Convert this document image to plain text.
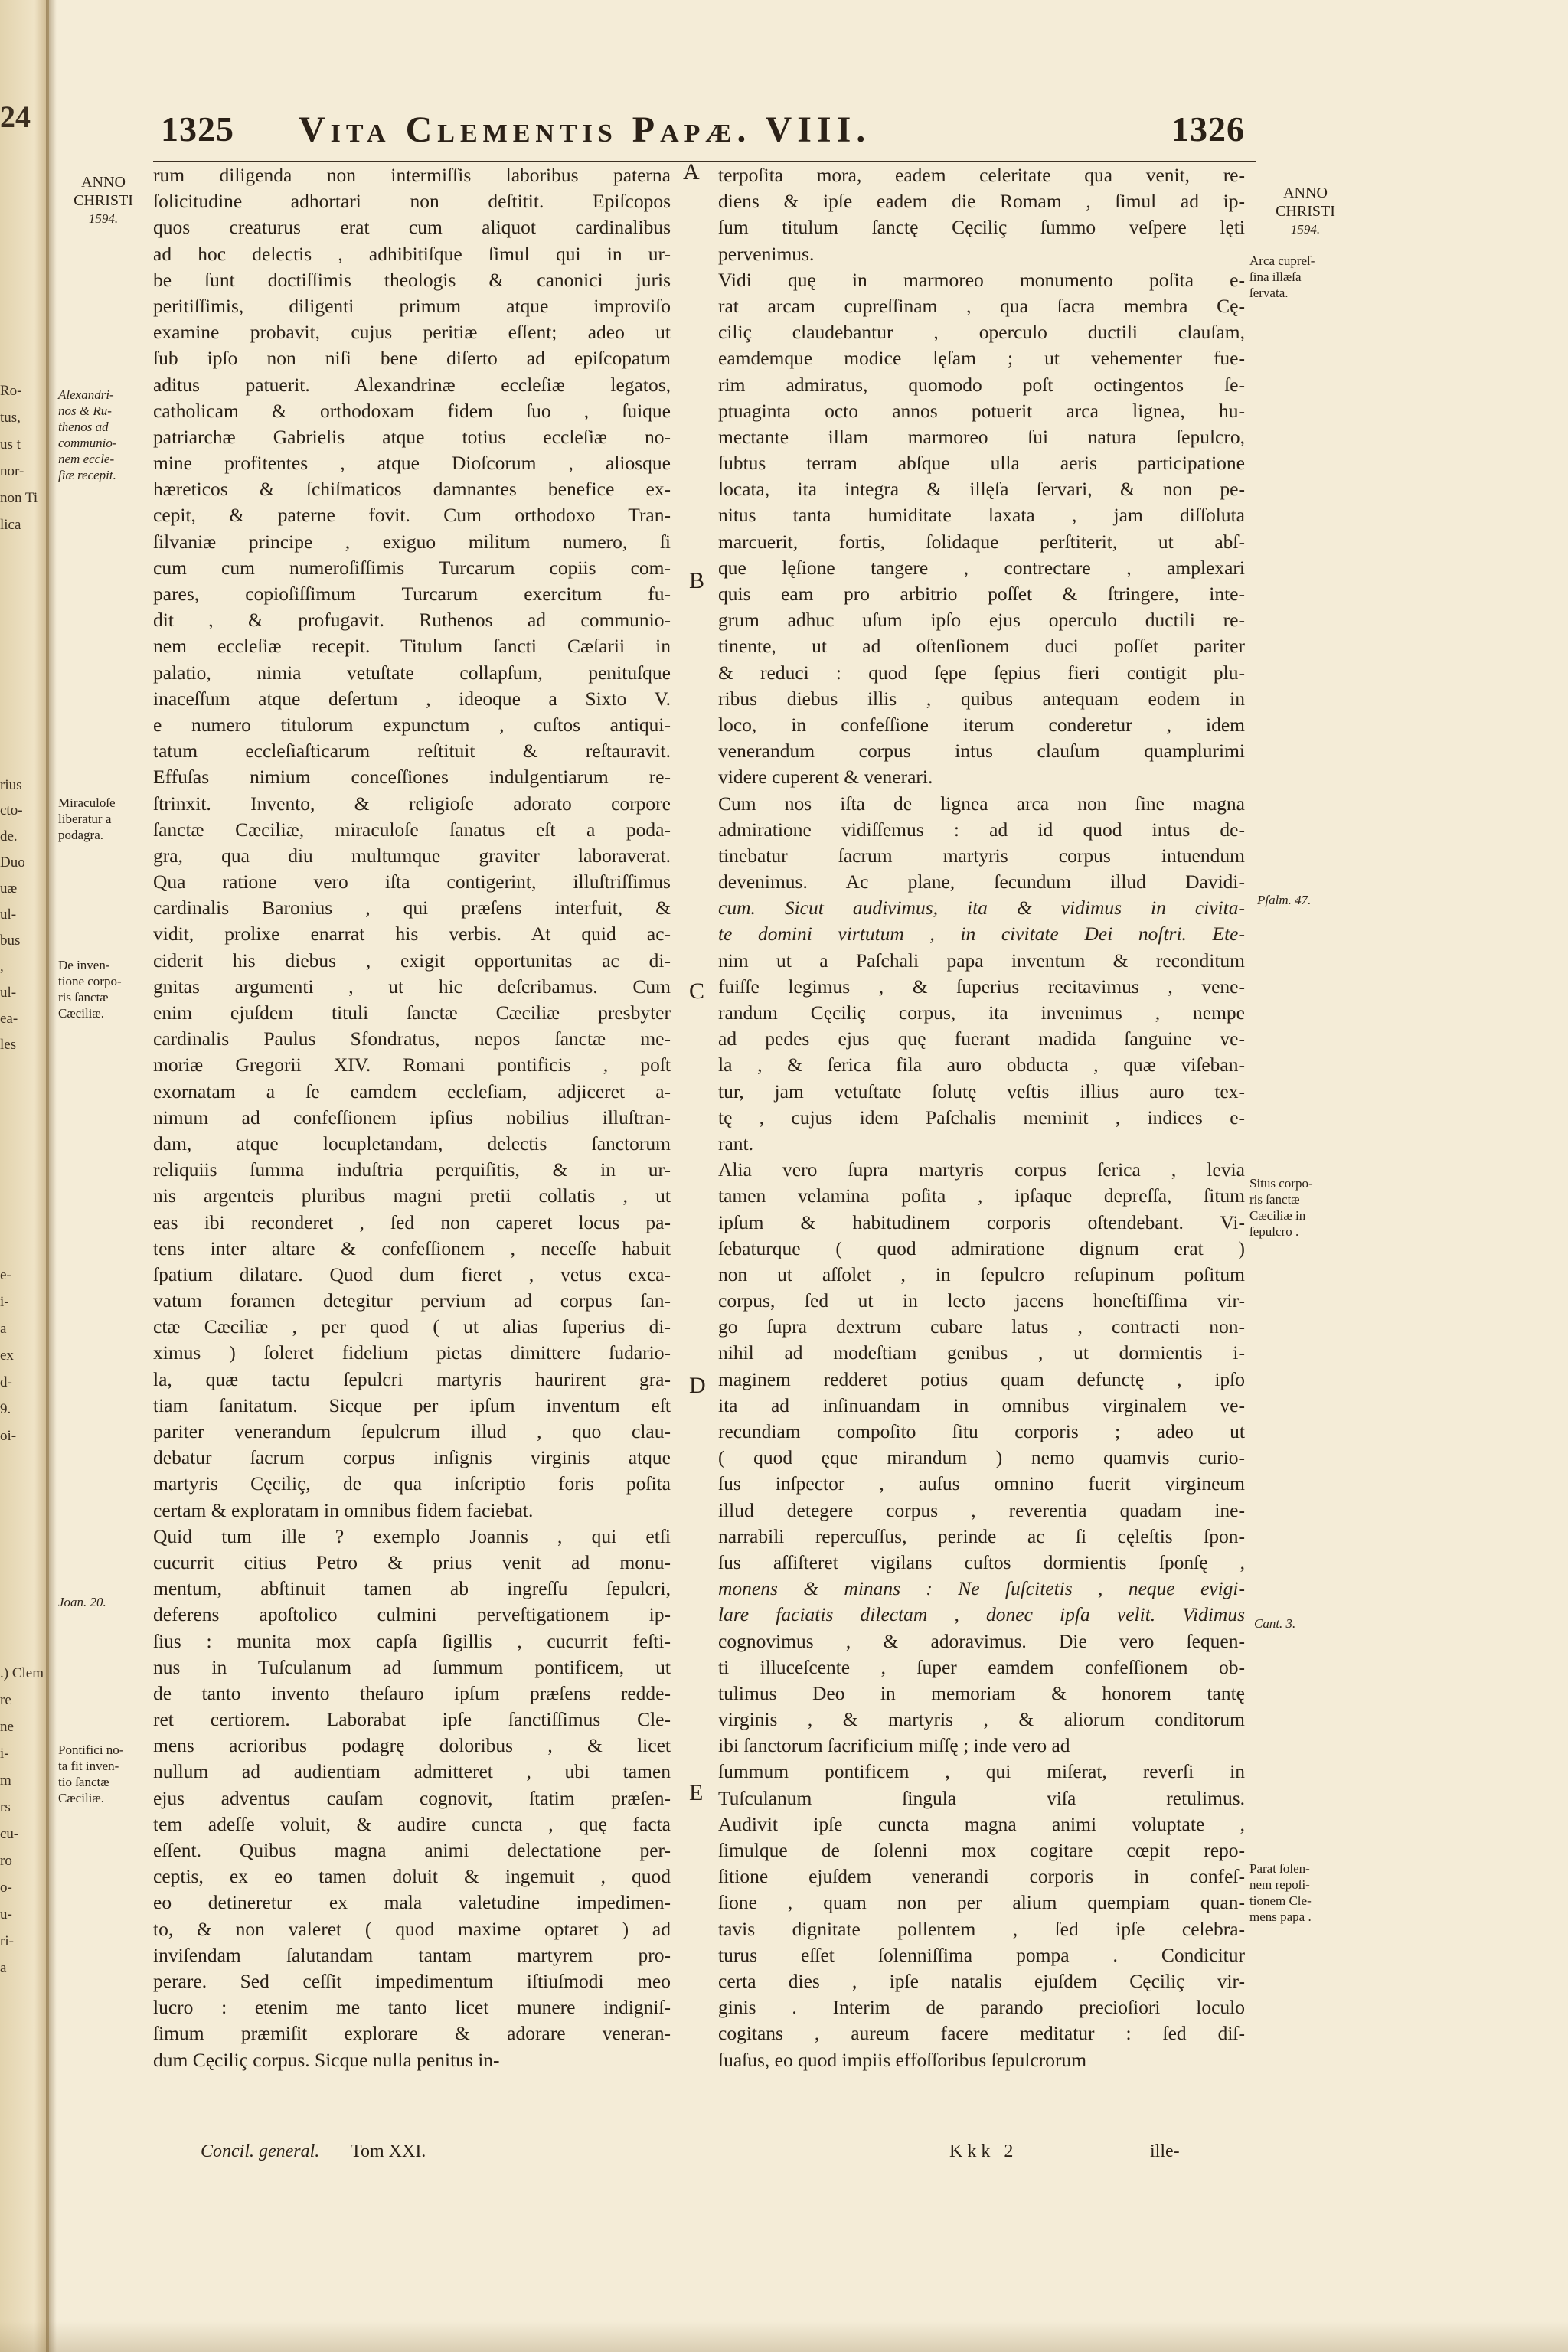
24
Ro-
tus,
us t
nor-
non Ti
lica
rius
cto-
de.
Duo
uæ
ul-
bus
,
ul-
ea-
les
e-
i-
a
ex
d-
9.
oi-
.) Clem
re
ne
i-
m
rs
cu-
ro
o-
u-
ri-
a
1325 Vita Clementis Papæ. VIII.	1326
ANNO
CHRISTI
1594.
ANNO
CHRISTI
1594.
Alexandri-
nos & Ru-
thenos ad
communio-
nem eccle-
ſiæ recepit.
Miraculoſe
liberatur a
podagra.
De inven-
tione corpo-
ris ſanctæ
Cæciliæ.
Joan. 20.
Pontifici no-
ta fit inven-
tio ſanctæ
Cæciliæ.
rum diligenda non intermiſſis laboribus paterna
ſolicitudine adhortari non deſtitit. Epiſcopos
quos creaturus erat cum aliquot cardinalibus
ad hoc delectis , adhibitiſque ſimul qui in ur-
be ſunt doctiſſimis theologis & canonici juris
peritiſſimis, diligenti primum atque improviſo
examine probavit, cujus peritiæ eſſent; adeo ut
ſub ipſo non niſi bene diſerto ad epiſcopatum
aditus patuerit. Alexandrinæ eccleſiæ legatos,
catholicam & orthodoxam fidem ſuo , ſuique
patriarchæ Gabrielis atque totius eccleſiæ no-
mine profitentes , atque Dioſcorum , aliosque
hæreticos & ſchiſmaticos damnantes benefice ex-
cepit, & paterne fovit. Cum orthodoxo Tran-
ſilvaniæ principe , exiguo militum numero, ſi
cum cum numeroſiſſimis Turcarum copiis com-
pares, copioſiſſimum Turcarum exercitum fu-
dit , & profugavit. Ruthenos ad communio-
nem eccleſiæ recepit. Titulum ſancti Cæſarii in
palatio, nimia vetuſtate collapſum, penituſque
inaceſſum atque deſertum , ideoque a Sixto V.
e numero titulorum expunctum , cuſtos antiqui-
tatum eccleſiaſticarum reſtituit & reſtauravit.
Effuſas nimium conceſſiones indulgentiarum re-
ſtrinxit. Invento, & religioſe adorato corpore
ſanctæ Cæciliæ, miraculoſe ſanatus eſt a poda-
gra, qua diu multumque graviter laboraverat.
Qua ratione vero iſta contigerint, illuſtriſſimus
cardinalis Baronius , qui præſens interfuit, &
vidit, prolixe enarrat his verbis. At quid ac-
ciderit his diebus , exigit opportunitas ac di-
gnitas argumenti , ut hic deſcribamus. Cum
enim ejuſdem tituli ſanctæ Cæciliæ presbyter
cardinalis Paulus Sfondratus, nepos ſanctæ me-
moriæ Gregorii XIV. Romani pontificis , poſt
exornatam a ſe eamdem eccleſiam, adjiceret a-
nimum ad confeſſionem ipſius nobilius illuſtran-
dam, atque locupletandam, delectis ſanctorum
reliquiis ſumma induſtria perquiſitis, & in ur-
nis argenteis pluribus magni pretii collatis , ut
eas ibi reconderet , ſed non caperet locus pa-
tens inter altare & confeſſionem , neceſſe habuit
ſpatium dilatare. Quod dum fieret , vetus exca-
vatum foramen detegitur pervium ad corpus ſan-
ctæ Cæciliæ , per quod ( ut alias ſuperius di-
ximus ) ſoleret fidelium pietas dimittere ſudario-
la, quæ tactu ſepulcri martyris haurirent gra-
tiam ſanitatum. Sicque per ipſum inventum eſt
pariter venerandum ſepulcrum illud , quo clau-
debatur ſacrum corpus inſignis virginis atque
martyris Cęciliç, de qua inſcriptio foris poſita
certam & exploratam in omnibus fidem faciebat.
Quid tum ille ? exemplo Joannis , qui etſi
cucurrit citius Petro & prius venit ad monu-
mentum, abſtinuit tamen ab ingreſſu ſepulcri,
deferens apoſtolico culmini perveſtigationem ip-
ſius : munita mox capſa ſigillis , cucurrit feſti-
nus in Tuſculanum ad ſummum pontificem, ut
de tanto invento theſauro ipſum præſens redde-
ret certiorem. Laborabat ipſe ſanctiſſimus Cle-
mens acrioribus podagrę doloribus , & licet
nullum ad audientiam admitteret , ubi tamen
ejus adventus cauſam cognovit, ſtatim præſen-
tem adeſſe voluit, & audire cuncta , quę facta
eſſent. Quibus magna animi delectatione per-
ceptis, ex eo tamen doluit & ingemuit , quod
eo detineretur ex mala valetudine impedimen-
to, & non valeret ( quod maxime optaret ) ad
inviſendam ſalutandam tantam martyrem pro-
perare. Sed ceſſit impedimentum iſtiuſmodi meo
lucro : etenim me tanto licet munere indigniſ-
ſimum præmiſit explorare & adorare veneran-
dum Cęciliç corpus. Sicque nulla penitus in-
A
B
C
D
E
terpoſita mora, eadem celeritate qua venit, re-
diens & ipſe eadem die Romam , ſimul ad ip-
ſum titulum ſanctę Cęciliç ſummo veſpere lęti
pervenimus.
Vidi quę in marmoreo monumento poſita e-
rat arcam cupreſſinam , qua ſacra membra Cę-
ciliç claudebantur , operculo ductili clauſam,
eamdemque modice lęſam ; ut vehementer fue-
rim admiratus, quomodo poſt octingentos ſe-
ptuaginta octo annos potuerit arca lignea, hu-
mectante illam marmoreo ſui natura ſepulcro,
ſubtus terram abſque ulla aeris participatione
locata, ita integra & illęſa ſervari, & non pe-
nitus tanta humiditate laxata , jam diſſoluta
marcuerit, fortis, ſolidaque perſtiterit, ut abſ-
que lęſione tangere , contrectare , amplexari
quis eam pro arbitrio poſſet & ſtringere, inte-
grum adhuc uſum ipſo ejus operculo ductili re-
tinente, ut ad oſtenſionem duci poſſet pariter
& reduci : quod ſępe ſępius fieri contigit plu-
ribus diebus illis , quibus antequam eodem in
loco, in confeſſione iterum conderetur , idem
venerandum corpus intus clauſum quamplurimi
videre cuperent & venerari.
Cum nos iſta de lignea arca non ſine magna
admiratione vidiſſemus : ad id quod intus de-
tinebatur ſacrum martyris corpus intuendum
devenimus. Ac plane, ſecundum illud Davidi-
cum. Sicut audivimus, ita & vidimus in civita-
te domini virtutum , in civitate Dei noſtri. Ete-
nim ut a Paſchali papa inventum & reconditum
fuiſſe legimus , & ſuperius recitavimus , vene-
randum Cęciliç corpus, ita invenimus , nempe
ad pedes ejus quę fuerant madida ſanguine ve-
la , & ſerica fila auro obducta , quæ viſeban-
tur, jam vetuſtate ſolutę veſtis illius auro tex-
tę , cujus idem Paſchalis meminit , indices e-
rant.
Alia vero ſupra martyris corpus ſerica , levia
tamen velamina poſita , ipſaque depreſſa, ſitum
ipſum & habitudinem corporis oſtendebant. Vi-
ſebaturque ( quod admiratione dignum erat )
non ut aſſolet , in ſepulcro reſupinum poſitum
corpus, ſed ut in lecto jacens honeſtiſſima vir-
go ſupra dextrum cubare latus , contracti non-
nihil ad modeſtiam genibus , ut dormientis i-
maginem redderet potius quam defunctę , ipſo
ita ad inſinuandam in omnibus virginalem ve-
recundiam compoſito ſitu corporis ; adeo ut
( quod ęque mirandum ) nemo quamvis curio-
ſus inſpector , auſus omnino fuerit virgineum
illud detegere corpus , reverentia quadam ine-
narrabili repercuſſus, perinde ac ſi cęleſtis ſpon-
ſus aſſiſteret vigilans cuſtos dormientis ſponſę ,
monens & minans : Ne ſuſcitetis , neque evigi-
lare faciatis dilectam , donec ipſa velit. Vidimus
cognovimus , & adoravimus. Die vero ſequen-
ti illuceſcente , ſuper eamdem confeſſionem ob-
tulimus Deo in memoriam & honorem tantę
virginis , & martyris , & aliorum conditorum
ibi ſanctorum ſacrificium miſſę ; inde vero ad
ſummum pontificem , qui miſerat, reverſi in
Tuſculanum ſingula viſa retulimus.
Audivit ipſe cuncta magna animi voluptate ,
ſimulque de ſolenni mox cogitare cœpit repo-
ſitione ejuſdem venerandi corporis in confeſ-
ſione , quam non per alium quempiam quan-
tavis dignitate pollentem , ſed ipſe celebra-
turus eſſet ſolenniſſima pompa . Condicitur
certa dies , ipſe natalis ejuſdem Cęciliç vir-
ginis . Interim de parando precioſiori loculo
cogitans , aureum facere meditatur : ſed diſ-
ſuaſus, eo quod impiis effoſſoribus ſepulcrorum
Arca cupreſ-
ſina illæſa
ſervata.
Pſalm. 47.
Situs corpo-
ris ſanctæ
Cæciliæ in
ſepulcro .
Cant. 3.
Parat ſolen-
nem repoſi-
tionem Cle-
mens papa .
Concil. general. Tom XXI.	Kkk 2	ille-
